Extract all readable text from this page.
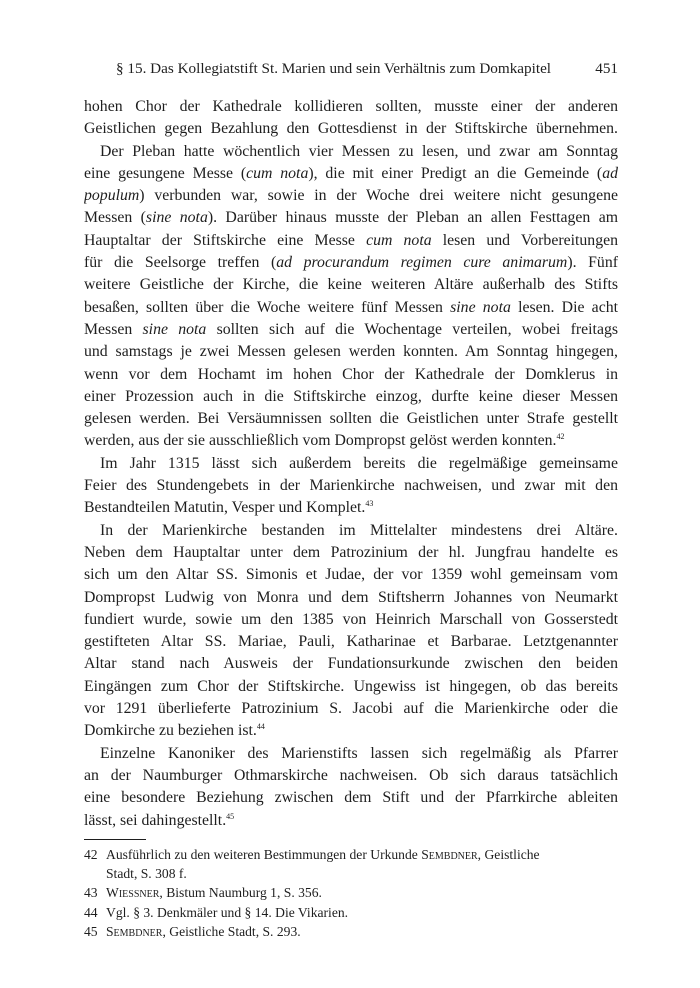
§ 15. Das Kollegiatstift St. Marien und sein Verhältnis zum Domkapitel	451
hohen Chor der Kathedrale kollidieren sollten, musste einer der anderen
Geistlichen gegen Bezahlung den Gottesdienst in der Stiftskirche übernehmen.
Der Pleban hatte wöchentlich vier Messen zu lesen, und zwar am Sonntag
eine gesungene Messe (cum nota), die mit einer Predigt an die Gemeinde (ad
populum) verbunden war, sowie in der Woche drei weitere nicht gesungene
Messen (sine nota). Darüber hinaus musste der Pleban an allen Festtagen am
Hauptaltar der Stiftskirche eine Messe cum nota lesen und Vorbereitungen
für die Seelsorge treffen (ad procurandum regimen cure animarum). Fünf
weitere Geistliche der Kirche, die keine weiteren Altäre außerhalb des Stifts
besaßen, sollten über die Woche weitere fünf Messen sine nota lesen. Die acht
Messen sine nota sollten sich auf die Wochentage verteilen, wobei freitags
und samstags je zwei Messen gelesen werden konnten. Am Sonntag hingegen,
wenn vor dem Hochamt im hohen Chor der Kathedrale der Domklerus in
einer Prozession auch in die Stiftskirche einzog, durfte keine dieser Messen
gelesen werden. Bei Versäumnissen sollten die Geistlichen unter Strafe gestellt
werden, aus der sie ausschließlich vom Dompropst gelöst werden konnten.$^{42}$
Im Jahr 1315 lässt sich außerdem bereits die regelmäßige gemeinsame
Feier des Stundengebets in der Marienkirche nachweisen, und zwar mit den
Bestandteilen Matutin, Vesper und Komplet.$^{43}$
In der Marienkirche bestanden im Mittelalter mindestens drei Altäre.
Neben dem Hauptaltar unter dem Patrozinium der hl. Jungfrau handelte es
sich um den Altar SS. Simonis et Judae, der vor 1359 wohl gemeinsam vom
Dompropst Ludwig von Monra und dem Stiftsherrn Johannes von Neumarkt
fundiert wurde, sowie um den 1385 von Heinrich Marschall von Gosserstedt
gestifteten Altar SS. Mariae, Pauli, Katharinae et Barbarae. Letztgenannter
Altar stand nach Ausweis der Fundationsurkunde zwischen den beiden
Eingängen zum Chor der Stiftskirche. Ungewiss ist hingegen, ob das bereits
vor 1291 überlieferte Patrozinium S. Jacobi auf die Marienkirche oder die
Domkirche zu beziehen ist.$^{44}$
Einzelne Kanoniker des Marienstifts lassen sich regelmäßig als Pfarrer
an der Naumburger Othmarskirche nachweisen. Ob sich daraus tatsächlich
eine besondere Beziehung zwischen dem Stift und der Pfarrkirche ableiten
lässt, sei dahingestellt.$^{45}$
42 Ausführlich zu den weiteren Bestimmungen der Urkunde Sembdner, Geistliche
Stadt, S. 308 f.
43 Wiessner, Bistum Naumburg 1, S. 356.
44 Vgl. § 3. Denkmäler und § 14. Die Vikarien.
45 Sembdner, Geistliche Stadt, S. 293.
